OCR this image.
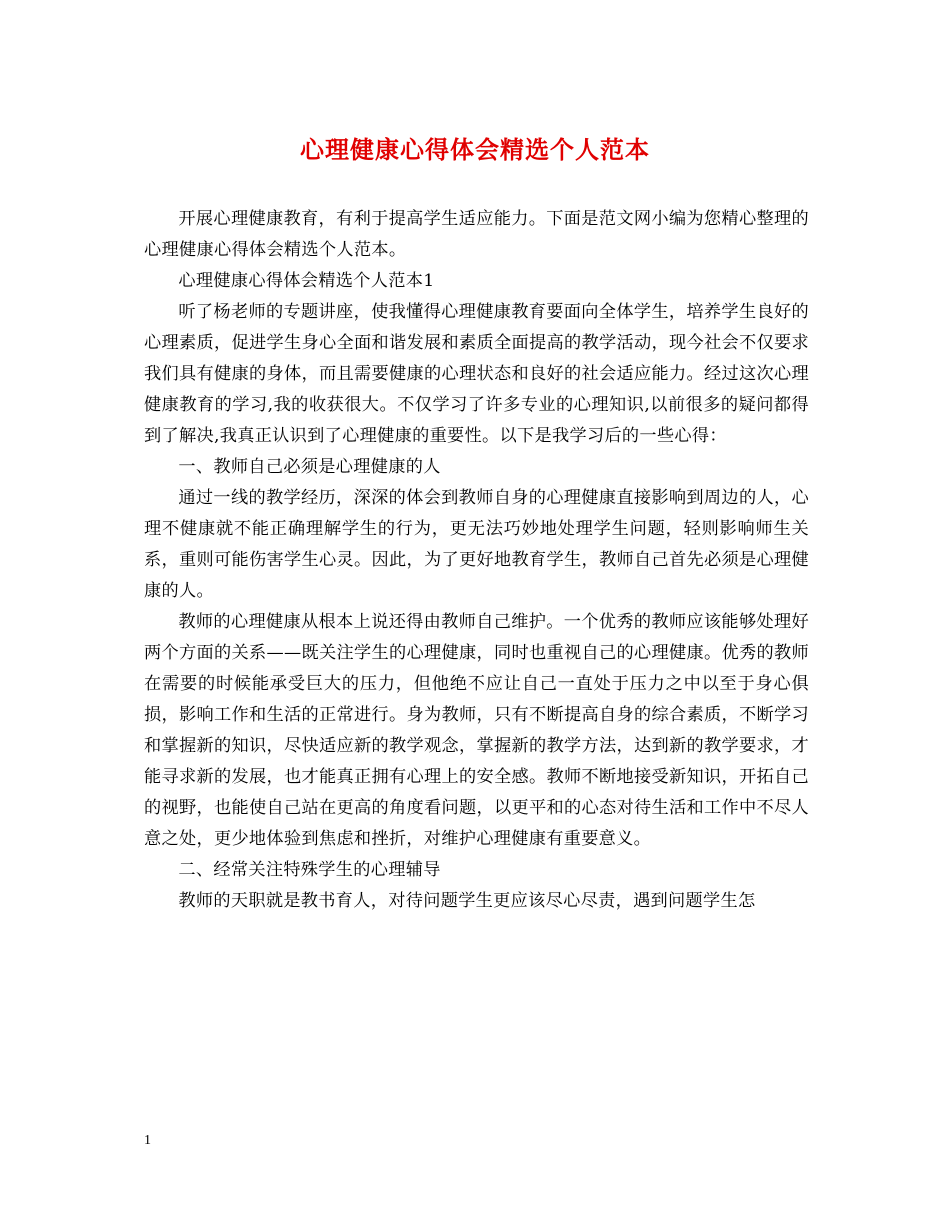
心理健康心得体会精选个人范本

开展心理健康教育，有利于提高学生适应能力。下面是范文网小编为您精心整理的心理健康心得体会精选个人范本。

心理健康心得体会精选个人范本1

听了杨老师的专题讲座，使我懂得心理健康教育要面向全体学生，培养学生良好的心理素质，促进学生身心全面和谐发展和素质全面提高的教学活动，现今社会不仅要求我们具有健康的身体，而且需要健康的心理状态和良好的社会适应能力。经过这次心理健康教育的学习,我的收获很大。不仅学习了许多专业的心理知识,以前很多的疑问都得到了解决,我真正认识到了心理健康的重要性。以下是我学习后的一些心得：

一、教师自己必须是心理健康的人

通过一线的教学经历，深深的体会到教师自身的心理健康直接影响到周边的人，心理不健康就不能正确理解学生的行为，更无法巧妙地处理学生问题，轻则影响师生关系，重则可能伤害学生心灵。因此，为了更好地教育学生，教师自己首先必须是心理健康的人。

教师的心理健康从根本上说还得由教师自己维护。一个优秀的教师应该能够处理好两个方面的关系——既关注学生的心理健康，同时也重视自己的心理健康。优秀的教师在需要的时候能承受巨大的压力，但他绝不应让自己一直处于压力之中以至于身心俱损，影响工作和生活的正常进行。身为教师，只有不断提高自身的综合素质，不断学习和掌握新的知识，尽快适应新的教学观念，掌握新的教学方法，达到新的教学要求，才能寻求新的发展，也才能真正拥有心理上的安全感。教师不断地接受新知识，开拓自己的视野，也能使自己站在更高的角度看问题，以更平和的心态对待生活和工作中不尽人意之处，更少地体验到焦虑和挫折，对维护心理健康有重要意义。

二、经常关注特殊学生的心理辅导

教师的天职就是教书育人，对待问题学生更应该尽心尽责，遇到问题学生怎

1
